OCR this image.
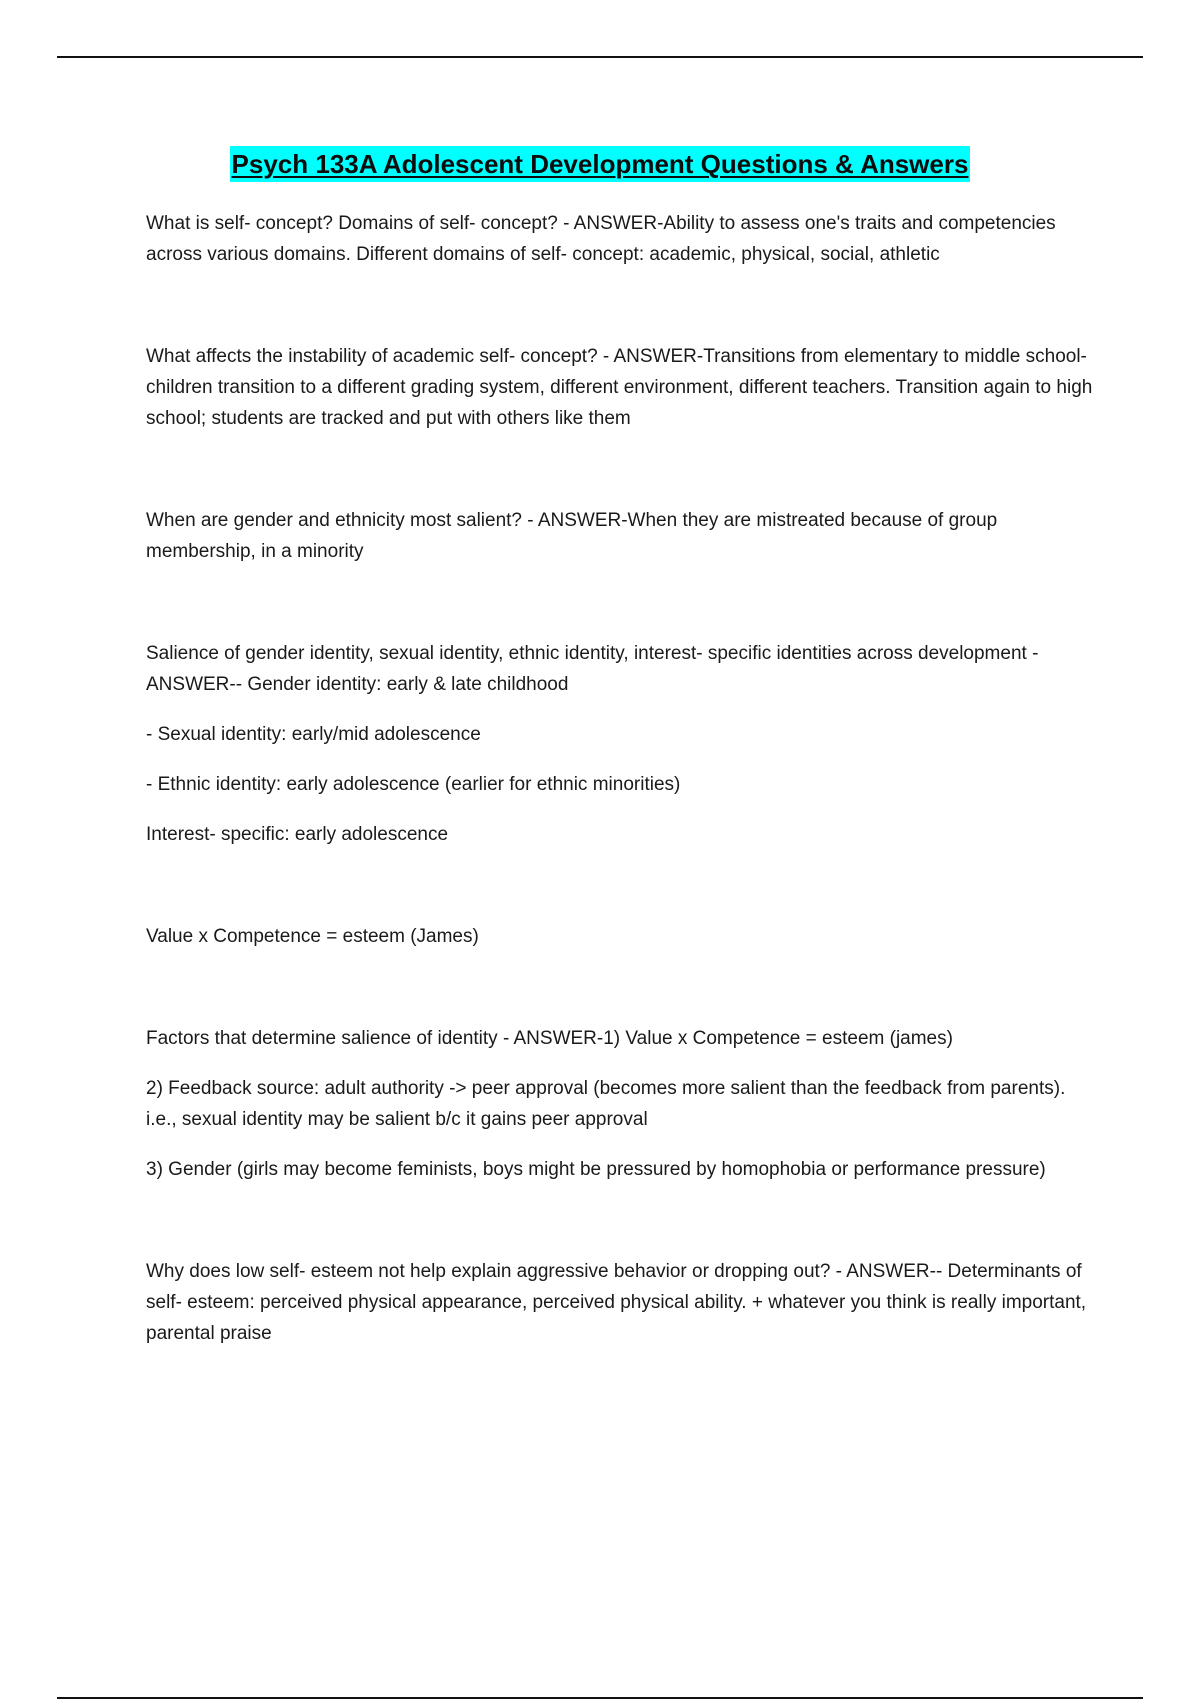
Psych 133A Adolescent Development Questions & Answers

What is self- concept? Domains of self- concept? - ANSWER-Ability to assess one's traits and competencies across various domains. Different domains of self- concept: academic, physical, social, athletic

What affects the instability of academic self- concept? - ANSWER-Transitions from elementary to middle school- children transition to a different grading system, different environment, different teachers. Transition again to high school; students are tracked and put with others like them

When are gender and ethnicity most salient? - ANSWER-When they are mistreated because of group membership, in a minority

Salience of gender identity, sexual identity, ethnic identity, interest- specific identities across development - ANSWER-- Gender identity: early & late childhood

- Sexual identity: early/mid adolescence

- Ethnic identity: early adolescence (earlier for ethnic minorities)

Interest- specific: early adolescence

Value x Competence = esteem (James)

Factors that determine salience of identity - ANSWER-1) Value x Competence = esteem (james)

2) Feedback source: adult authority -> peer approval (becomes more salient than the feedback from parents). i.e., sexual identity may be salient b/c it gains peer approval

3) Gender (girls may become feminists, boys might be pressured by homophobia or performance pressure)

Why does low self- esteem not help explain aggressive behavior or dropping out? - ANSWER-- Determinants of self- esteem: perceived physical appearance, perceived physical ability. + whatever you think is really important, parental praise
